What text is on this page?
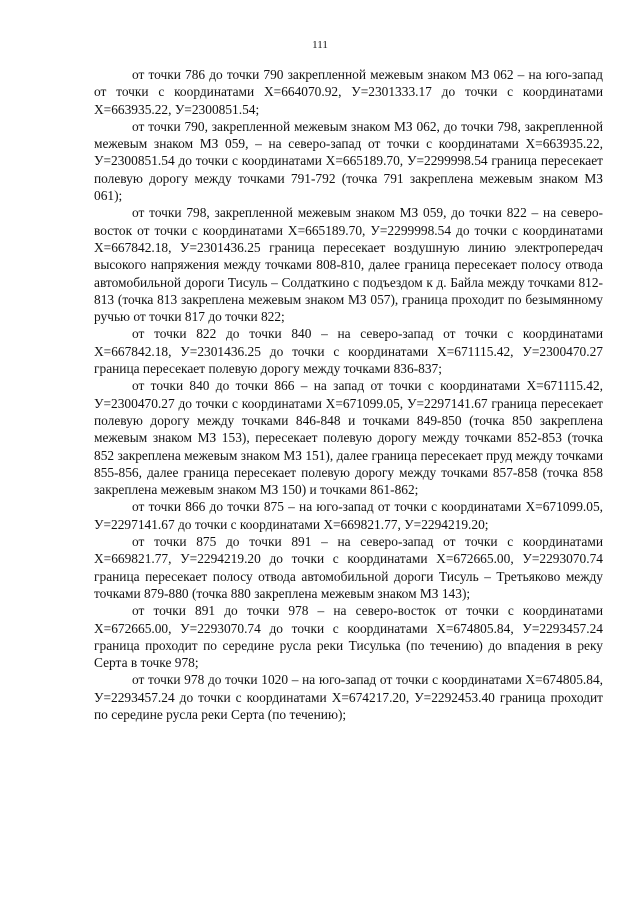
111

от точки 786 до точки 790 закрепленной межевым знаком МЗ 062 – на юго-запад от точки с координатами Х=664070.92, У=2301333.17 до точки с координатами Х=663935.22, У=2300851.54;

от точки 790, закрепленной межевым знаком МЗ 062, до точки 798, закрепленной межевым знаком МЗ 059, – на северо-запад от точки с координатами Х=663935.22, У=2300851.54 до точки с координатами Х=665189.70, У=2299998.54 граница пересекает полевую дорогу между точками 791-792 (точка 791 закреплена межевым знаком МЗ 061);

от точки 798, закрепленной межевым знаком МЗ 059, до точки 822 – на северо-восток от точки с координатами Х=665189.70, У=2299998.54 до точки с координатами Х=667842.18, У=2301436.25 граница пересекает воздушную линию электропередач высокого напряжения между точками 808-810, далее граница пересекает полосу отвода автомобильной дороги Тисуль – Солдаткино с подъездом к д. Байла между точками 812-813 (точка 813 закреплена межевым знаком МЗ 057), граница проходит по безымянному ручью от точки 817 до точки 822;

от точки 822 до точки 840 – на северо-запад от точки с координатами Х=667842.18, У=2301436.25 до точки с координатами Х=671115.42, У=2300470.27 граница пересекает полевую дорогу между точками 836-837;

от точки 840 до точки 866 – на запад от точки с координатами Х=671115.42, У=2300470.27 до точки с координатами Х=671099.05, У=2297141.67 граница пересекает полевую дорогу между точками 846-848 и точками 849-850 (точка 850 закреплена межевым знаком МЗ 153), пересекает полевую дорогу между точками 852-853 (точка 852 закреплена межевым знаком МЗ 151), далее граница пересекает пруд между точками 855-856, далее граница пересекает полевую дорогу между точками 857-858 (точка 858 закреплена межевым знаком МЗ 150) и точками 861-862;

от точки 866 до точки 875 – на юго-запад от точки с координатами Х=671099.05, У=2297141.67 до точки с координатами Х=669821.77, У=2294219.20;

от точки 875 до точки 891 – на северо-запад от точки с координатами Х=669821.77, У=2294219.20 до точки с координатами Х=672665.00, У=2293070.74 граница пересекает полосу отвода автомобильной дороги Тисуль – Третьяково между точками 879-880 (точка 880 закреплена межевым знаком МЗ 143);

от точки 891 до точки 978 – на северо-восток от точки с координатами Х=672665.00, У=2293070.74 до точки с координатами Х=674805.84, У=2293457.24 граница проходит по середине русла реки Тисулька (по течению) до впадения в реку Серта в точке 978;

от точки 978 до точки 1020 – на юго-запад от точки с координатами Х=674805.84, У=2293457.24 до точки с координатами Х=674217.20, У=2292453.40 граница проходит по середине русла реки Серта (по течению);
